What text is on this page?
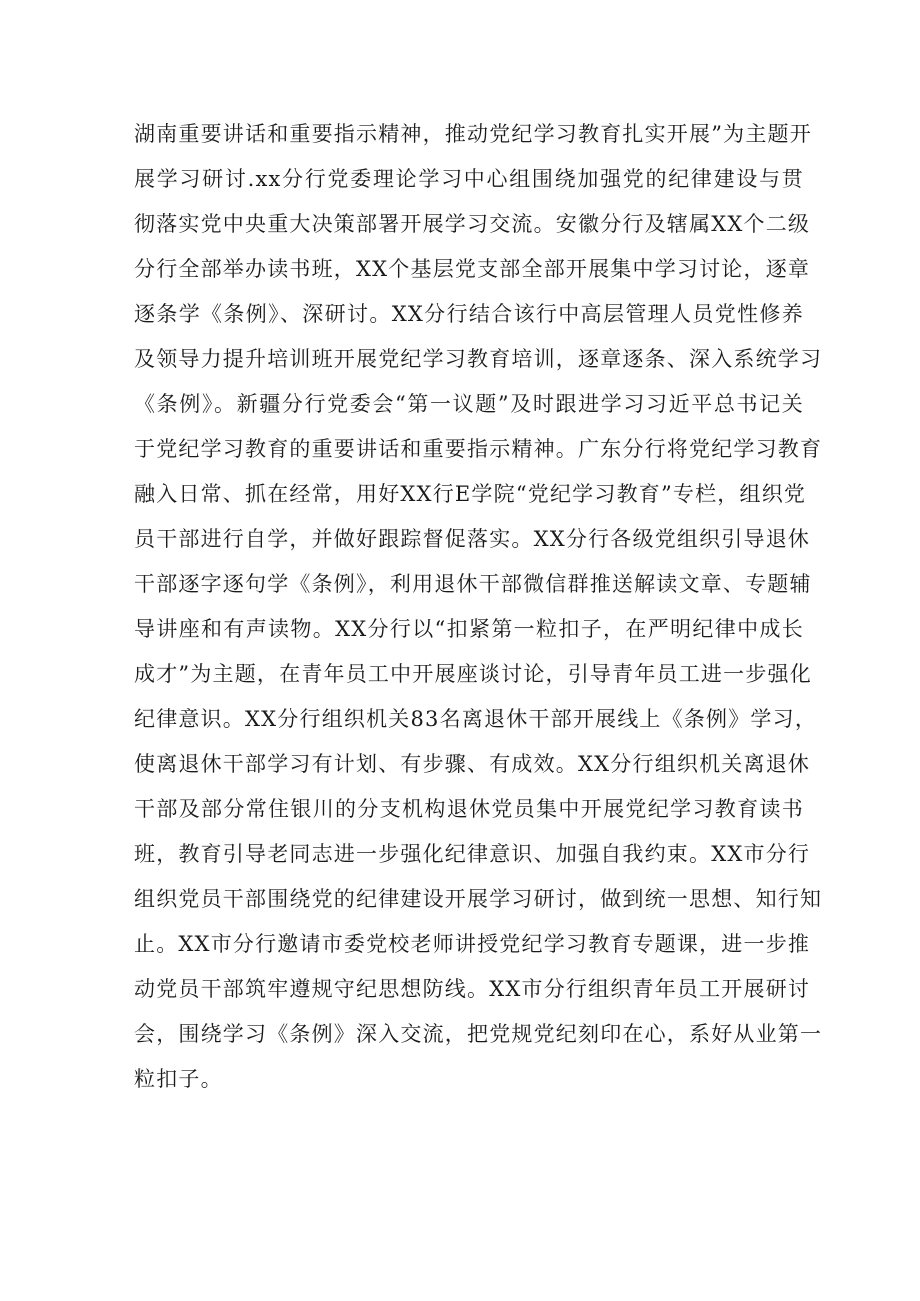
湖南重要讲话和重要指示精神，推动党纪学习教育扎实开展”为主题开
展学习研讨.xx分行党委理论学习中心组围绕加强党的纪律建设与贯
彻落实党中央重大决策部署开展学习交流。安徽分行及辖属XX个二级
分行全部举办读书班，XX个基层党支部全部开展集中学习讨论，逐章
逐条学《条例》、深研讨。XX分行结合该行中高层管理人员党性修养
及领导力提升培训班开展党纪学习教育培训，逐章逐条、深入系统学习
《条例》。新疆分行党委会“第一议题”及时跟进学习习近平总书记关
于党纪学习教育的重要讲话和重要指示精神。广东分行将党纪学习教育
融入日常、抓在经常，用好XX行E学院“党纪学习教育”专栏，组织党
员干部进行自学，并做好跟踪督促落实。XX分行各级党组织引导退休
干部逐字逐句学《条例》，利用退休干部微信群推送解读文章、专题辅
导讲座和有声读物。XX分行以“扣紧第一粒扣子，在严明纪律中成长
成才”为主题，在青年员工中开展座谈讨论，引导青年员工进一步强化
纪律意识。XX分行组织机关83名离退休干部开展线上《条例》学习，
使离退休干部学习有计划、有步骤、有成效。XX分行组织机关离退休
干部及部分常住银川的分支机构退休党员集中开展党纪学习教育读书
班，教育引导老同志进一步强化纪律意识、加强自我约束。XX市分行
组织党员干部围绕党的纪律建设开展学习研讨，做到统一思想、知行知
止。XX市分行邀请市委党校老师讲授党纪学习教育专题课，进一步推
动党员干部筑牢遵规守纪思想防线。XX市分行组织青年员工开展研讨
会，围绕学习《条例》深入交流，把党规党纪刻印在心，系好从业第一
粒扣子。
